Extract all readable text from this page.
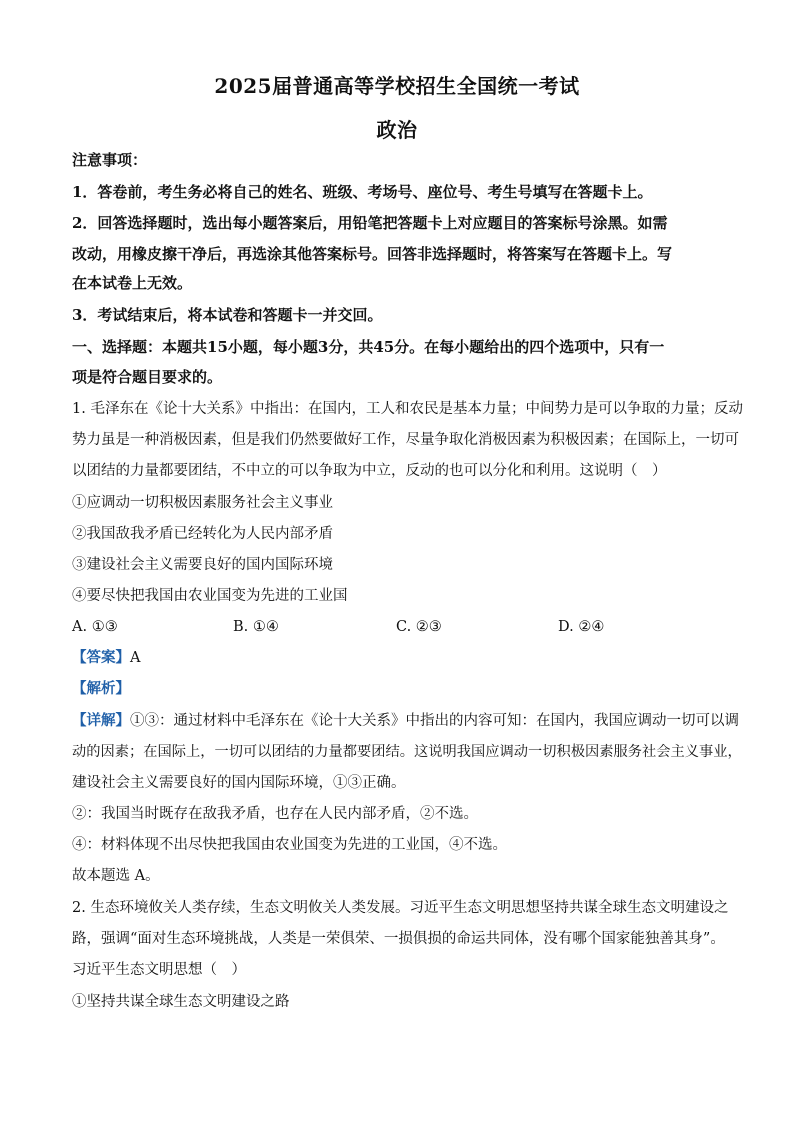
2025届普通高等学校招生全国统一考试
政治
注意事项：
1．答卷前，考生务必将自己的姓名、班级、考场号、座位号、考生号填写在答题卡上。
2．回答选择题时，选出每小题答案后，用铅笔把答题卡上对应题目的答案标号涂黑。如需
改动，用橡皮擦干净后，再选涂其他答案标号。回答非选择题时，将答案写在答题卡上。写
在本试卷上无效。
3．考试结束后，将本试卷和答题卡一并交回。
一、选择题：本题共15小题，每小题3分，共45分。在每小题给出的四个选项中，只有一
项是符合题目要求的。
1. 毛泽东在《论十大关系》中指出：在国内，工人和农民是基本力量；中间势力是可以争取的力量；反动
势力虽是一种消极因素，但是我们仍然要做好工作，尽量争取化消极因素为积极因素；在国际上，一切可
以团结的力量都要团结，不中立的可以争取为中立，反动的也可以分化和利用。这说明（　）
①应调动一切积极因素服务社会主义事业
②我国敌我矛盾已经转化为人民内部矛盾
③建设社会主义需要良好的国内国际环境
④要尽快把我国由农业国变为先进的工业国
A. ①③	B. ①④	C. ②③	D. ②④
【答案】A
【解析】
【详解】①③：通过材料中毛泽东在《论十大关系》中指出的内容可知：在国内，我国应调动一切可以调
动的因素；在国际上，一切可以团结的力量都要团结。这说明我国应调动一切积极因素服务社会主义事业，
建设社会主义需要良好的国内国际环境，①③正确。
②：我国当时既存在敌我矛盾，也存在人民内部矛盾，②不选。
④：材料体现不出尽快把我国由农业国变为先进的工业国，④不选。
故本题选 A。
2. 生态环境攸关人类存续，生态文明攸关人类发展。习近平生态文明思想坚持共谋全球生态文明建设之
路，强调“面对生态环境挑战，人类是一荣俱荣、一损俱损的命运共同体，没有哪个国家能独善其身”。
习近平生态文明思想（　）
①坚持共谋全球生态文明建设之路
